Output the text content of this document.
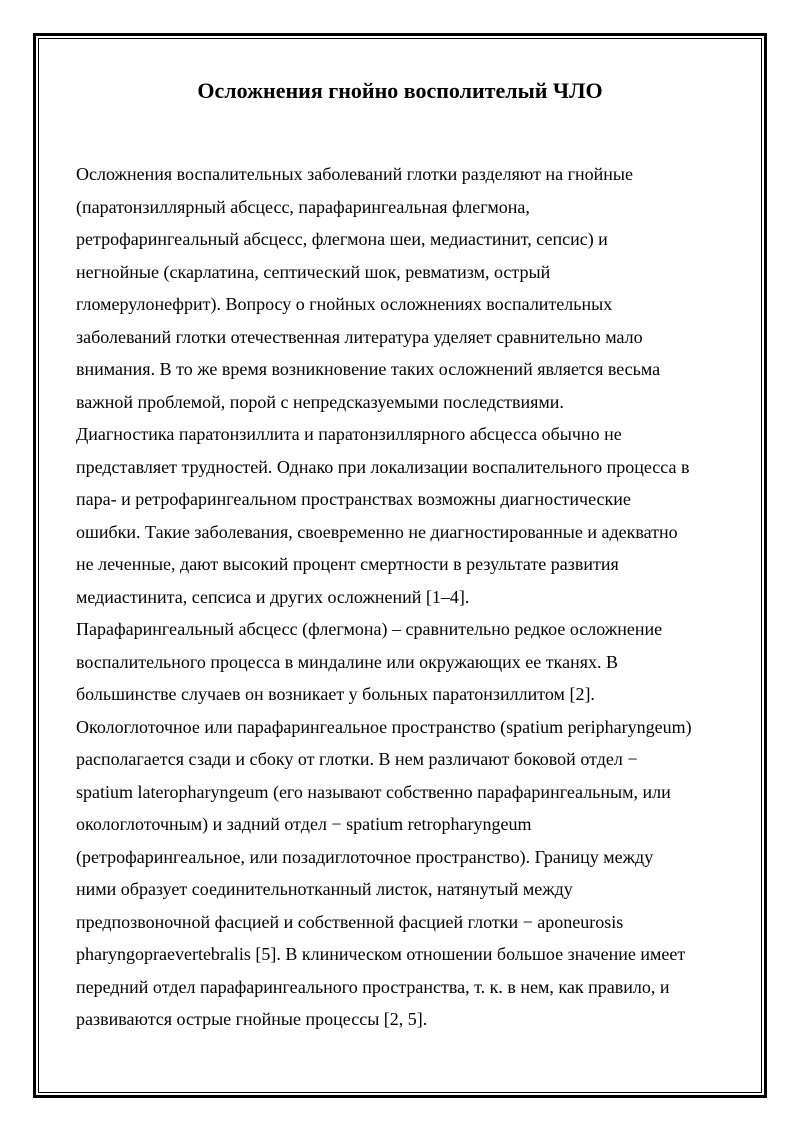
Осложнения гнойно восполителый ЧЛО
Осложнения воспалительных заболеваний глотки разделяют на гнойные
(паратонзиллярный абсцесс, парафарингеальная флегмона,
ретрофарингеальный абсцесс, флегмона шеи, медиастинит, сепсис) и
негнойные (скарлатина, септический шок, ревматизм, острый
гломерулонефрит). Вопросу о гнойных осложнениях воспалительных
заболеваний глотки отечественная литература уделяет сравнительно мало
внимания. В то же время возникновение таких осложнений является весьма
важной проблемой, порой с непредсказуемыми последствиями.
Диагностика паратонзиллита и паратонзиллярного абсцесса обычно не
представляет трудностей. Однако при локализации воспалительного процесса в
пара- и ретрофарингеальном пространствах возможны диагностические
ошибки. Такие заболевания, своевременно не диагностированные и адекватно
не леченные, дают высокий процент смертности в результате развития
медиастинита, сепсиса и других осложнений [1–4].
Парафарингеальный абсцесс (флегмона) – сравнительно редкое осложнение
воспалительного процесса в миндалине или окружающих ее тканях. В
большинстве случаев он возникает у больных паратонзиллитом [2].
Окологлоточное или парафарингеальное пространство (spatium peripharyngeum)
располагается сзади и сбоку от глотки. В нем различают боковой отдел −
spatium lateropharyngeum (его называют собственно парафарингеальным, или
окологлоточным) и задний отдел − spatium retropharyngeum
(ретрофарингеальное, или позадиглоточное пространство). Границу между
ними образует соединительнотканный листок, натянутый между
предпозвоночной фасцией и собственной фасцией глотки − aponeurosis
pharyngopraevertebralis [5]. В клиническом отношении большое значение имеет
передний отдел парафарингеального пространства, т. к. в нем, как правило, и
развиваются острые гнойные процессы [2, 5].
